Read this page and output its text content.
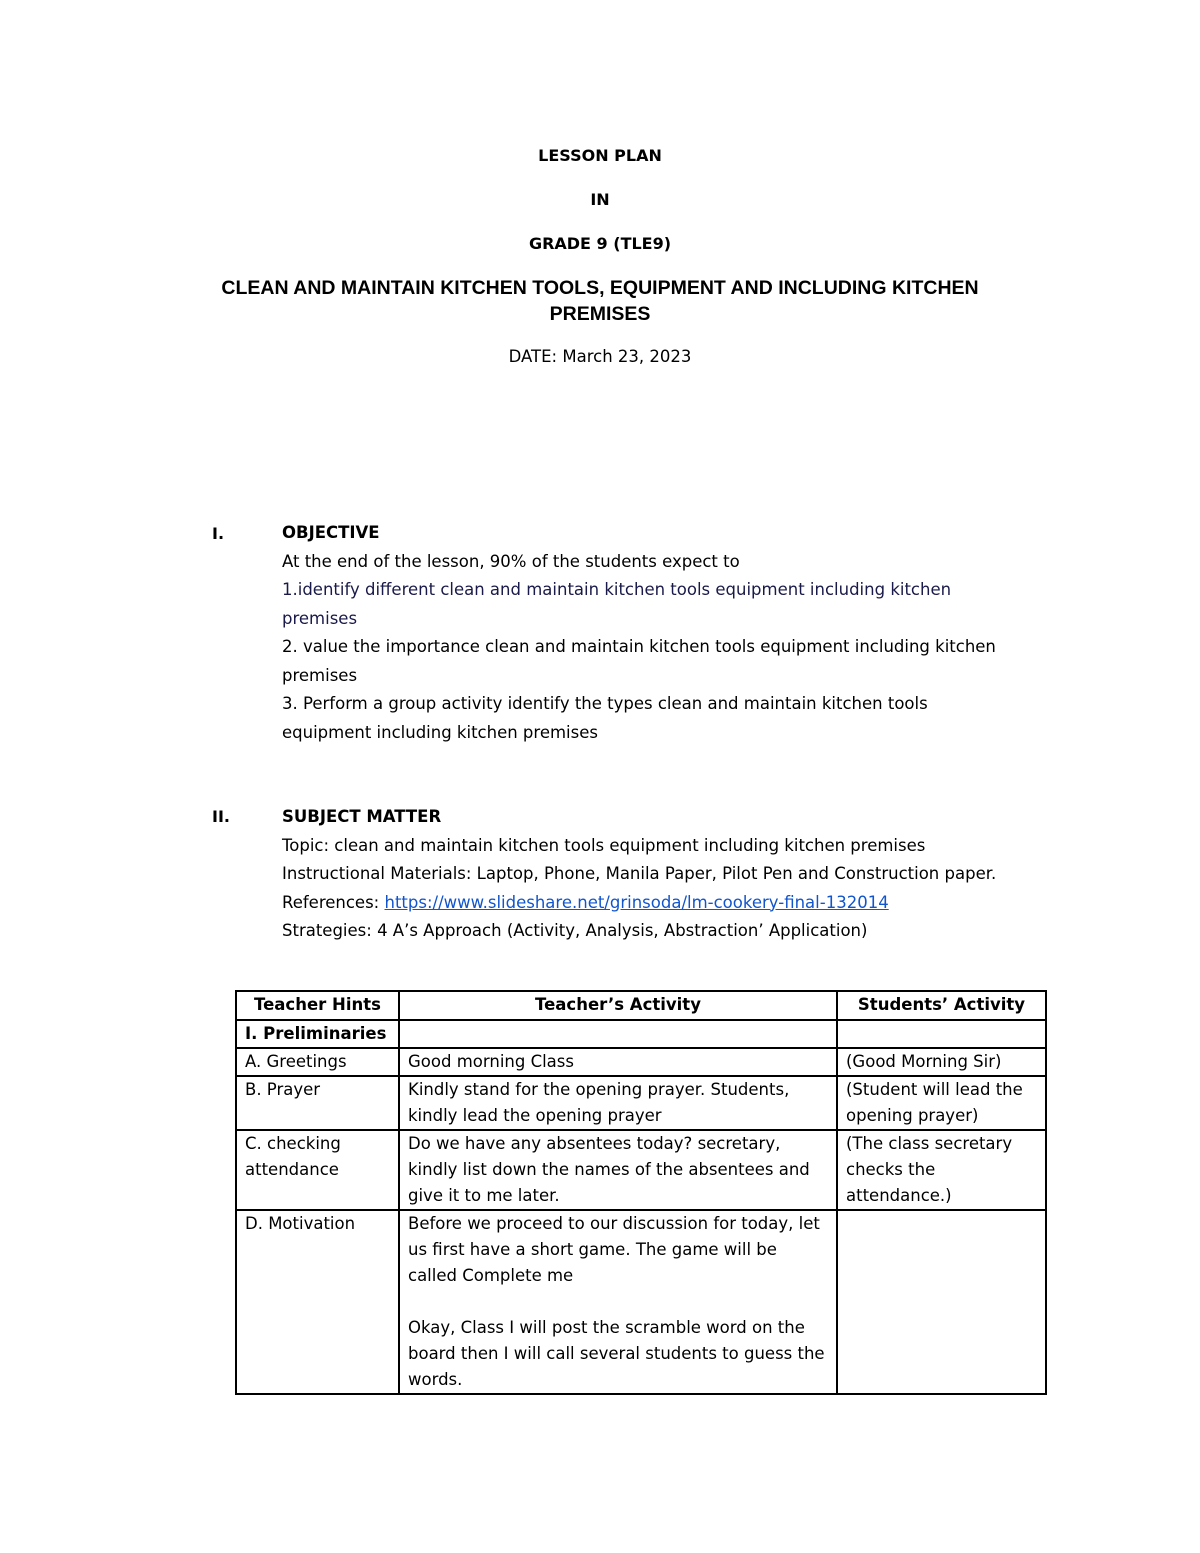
LESSON PLAN
IN
GRADE 9 (TLE9)
CLEAN AND MAINTAIN KITCHEN TOOLS, EQUIPMENT AND INCLUDING KITCHEN
PREMISES
DATE: March 23, 2023
I.	OBJECTIVE
At the end of the lesson, 90% of the students expect to
1.identify different clean and maintain kitchen tools equipment including kitchen
premises
2. value the importance clean and maintain kitchen tools equipment including kitchen
premises
3. Perform a group activity identify the types clean and maintain kitchen tools
equipment including kitchen premises
II.	SUBJECT MATTER
Topic: clean and maintain kitchen tools equipment including kitchen premises
Instructional Materials: Laptop, Phone, Manila Paper, Pilot Pen and Construction paper.
References: https://www.slideshare.net/grinsoda/lm-cookery-final-132014
Strategies: 4 A’s Approach (Activity, Analysis, Abstraction’ Application)
Teacher Hints	Teacher’s Activity	Students’ Activity
I. Preliminaries		
A. Greetings	Good morning Class	(Good Morning Sir)
B. Prayer	Kindly stand for the opening prayer. Students, kindly lead the opening prayer	(Student will lead the opening prayer)
C. checking attendance	Do we have any absentees today? secretary, kindly list down the names of the absentees and give it to me later.	(The class secretary checks the attendance.)
D. Motivation	Before we proceed to our discussion for today, let us first have a short game. The game will be called Complete me
Okay, Class I will post the scramble word on the board then I will call several students to guess the words.	
